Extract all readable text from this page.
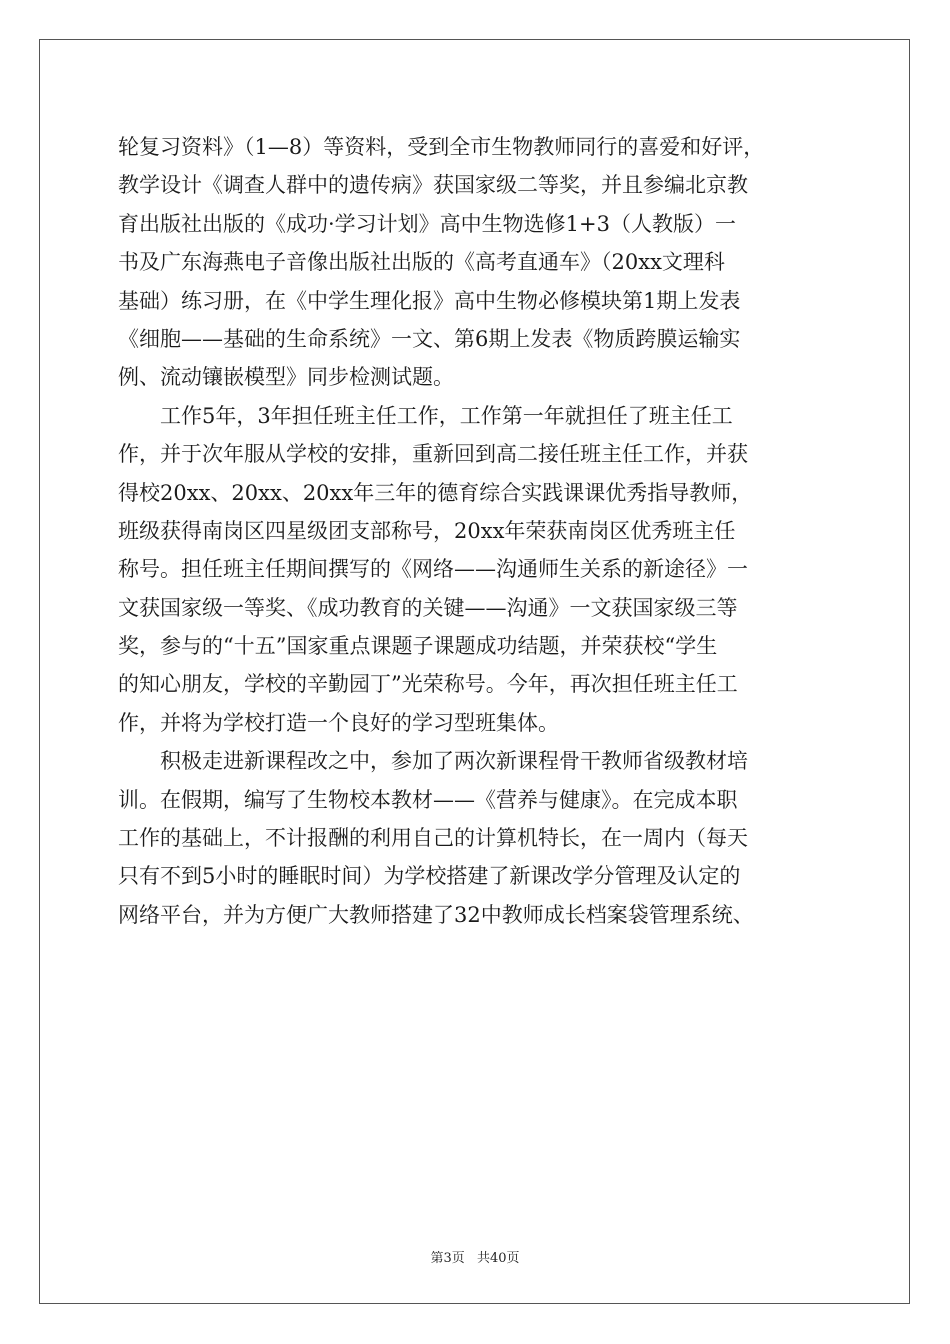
轮复习资料》（1—8）等资料，受到全市生物教师同行的喜爱和好评，
教学设计《调查人群中的遗传病》获国家级二等奖，并且参编北京教
育出版社出版的《成功·学习计划》高中生物选修1+3（人教版）一
书及广东海燕电子音像出版社出版的《高考直通车》（20xx文理科
基础）练习册，在《中学生理化报》高中生物必修模块第1期上发表
《细胞——基础的生命系统》一文、第6期上发表《物质跨膜运输实
例、流动镶嵌模型》同步检测试题。
工作5年，3年担任班主任工作，工作第一年就担任了班主任工
作，并于次年服从学校的安排，重新回到高二接任班主任工作，并获
得校20xx、20xx、20xx年三年的德育综合实践课课优秀指导教师，
班级获得南岗区四星级团支部称号，20xx年荣获南岗区优秀班主任
称号。担任班主任期间撰写的《网络——沟通师生关系的新途径》一
文获国家级一等奖、《成功教育的关键——沟通》一文获国家级三等
奖，参与的“十五”国家重点课题子课题成功结题，并荣获校“学生
的知心朋友，学校的辛勤园丁”光荣称号。今年，再次担任班主任工
作，并将为学校打造一个良好的学习型班集体。
积极走进新课程改之中，参加了两次新课程骨干教师省级教材培
训。在假期，编写了生物校本教材——《营养与健康》。在完成本职
工作的基础上，不计报酬的利用自己的计算机特长，在一周内（每天
只有不到5小时的睡眠时间）为学校搭建了新课改学分管理及认定的
网络平台，并为方便广大教师搭建了32中教师成长档案袋管理系统、
第3页 共40页
